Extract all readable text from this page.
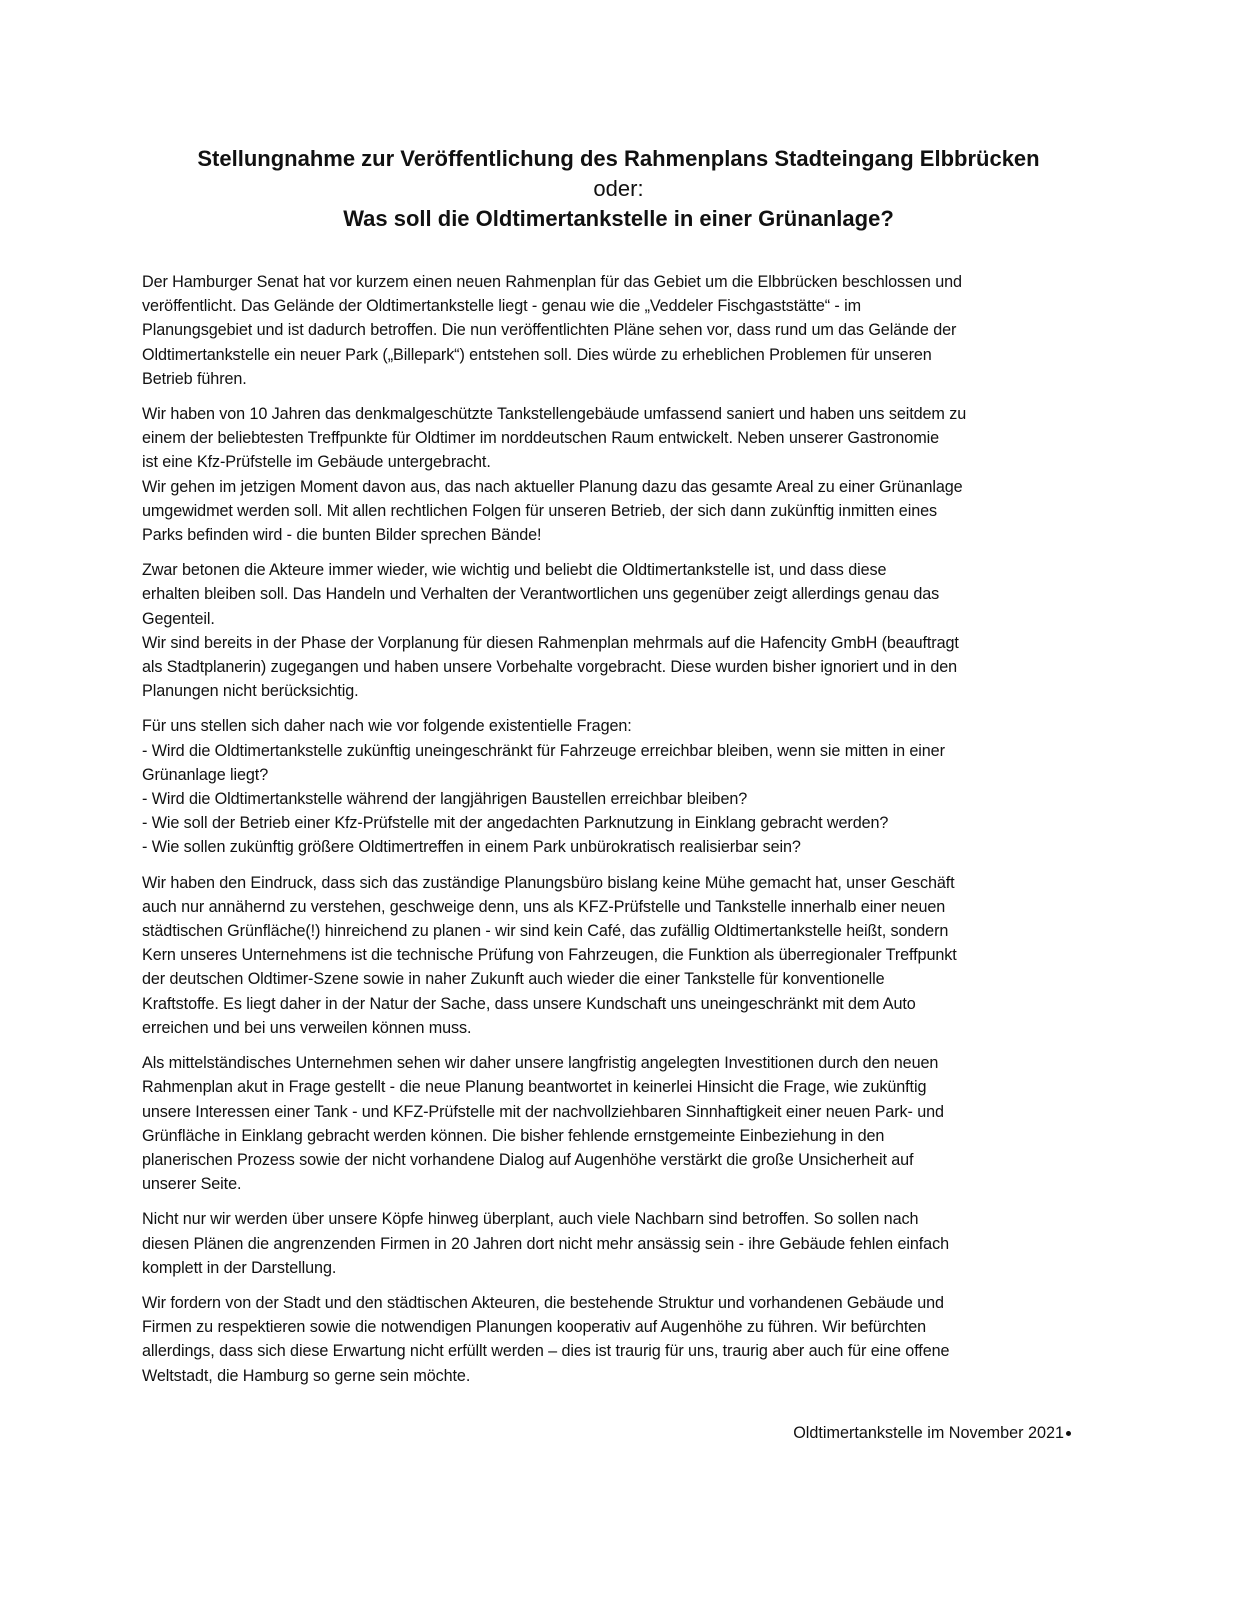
Stellungnahme zur Veröffentlichung des Rahmenplans Stadteingang Elbbrücken

oder:

Was soll die Oldtimertankstelle in einer Grünanlage?

Der Hamburger Senat hat vor kurzem einen neuen Rahmenplan für das Gebiet um die Elbbrücken beschlossen und
veröffentlicht. Das Gelände der Oldtimertankstelle liegt - genau wie die „Veddeler Fischgaststätte“ - im
Planungsgebiet und ist dadurch betroffen. Die nun veröffentlichten Pläne sehen vor, dass rund um das Gelände der
Oldtimertankstelle ein neuer Park („Billepark“) entstehen soll. Dies würde zu erheblichen Problemen für unseren
Betrieb führen.

Wir haben von 10 Jahren das denkmalgeschützte Tankstellengebäude umfassend saniert und haben uns seitdem zu
einem der beliebtesten Treffpunkte für Oldtimer im norddeutschen Raum entwickelt. Neben unserer Gastronomie
ist eine Kfz-Prüfstelle im Gebäude untergebracht.
Wir gehen im jetzigen Moment davon aus, das nach aktueller Planung dazu das gesamte Areal zu einer Grünanlage
umgewidmet werden soll. Mit allen rechtlichen Folgen für unseren Betrieb, der sich dann zukünftig inmitten eines
Parks befinden wird - die bunten Bilder sprechen Bände!

Zwar betonen die Akteure immer wieder, wie wichtig und beliebt die Oldtimertankstelle ist, und dass diese
erhalten bleiben soll. Das Handeln und Verhalten der Verantwortlichen uns gegenüber zeigt allerdings genau das
Gegenteil.
Wir sind bereits in der Phase der Vorplanung für diesen Rahmenplan mehrmals auf die Hafencity GmbH (beauftragt
als Stadtplanerin) zugegangen und haben unsere Vorbehalte vorgebracht. Diese wurden bisher ignoriert und in den
Planungen nicht berücksichtig.

Für uns stellen sich daher nach wie vor folgende existentielle Fragen:
- Wird die Oldtimertankstelle zukünftig uneingeschränkt für Fahrzeuge erreichbar bleiben, wenn sie mitten in einer
Grünanlage liegt?
- Wird die Oldtimertankstelle während der langjährigen Baustellen erreichbar bleiben?
- Wie soll der Betrieb einer Kfz-Prüfstelle mit der angedachten Parknutzung in Einklang gebracht werden?
- Wie sollen zukünftig größere Oldtimertreffen in einem Park unbürokratisch realisierbar sein?

Wir haben den Eindruck, dass sich das zuständige Planungsbüro bislang keine Mühe gemacht hat, unser Geschäft
auch nur annähernd zu verstehen, geschweige denn, uns als KFZ-Prüfstelle und Tankstelle innerhalb einer neuen
städtischen Grünfläche(!) hinreichend zu planen - wir sind kein Café, das zufällig Oldtimertankstelle heißt, sondern
Kern unseres Unternehmens ist die technische Prüfung von Fahrzeugen, die Funktion als überregionaler Treffpunkt
der deutschen Oldtimer-Szene sowie in naher Zukunft auch wieder die einer Tankstelle für konventionelle
Kraftstoffe. Es liegt daher in der Natur der Sache, dass unsere Kundschaft uns uneingeschränkt mit dem Auto
erreichen und bei uns verweilen können muss.

Als mittelständisches Unternehmen sehen wir daher unsere langfristig angelegten Investitionen durch den neuen
Rahmenplan akut in Frage gestellt - die neue Planung beantwortet in keinerlei Hinsicht die Frage, wie zukünftig
unsere Interessen einer Tank - und KFZ-Prüfstelle mit der nachvollziehbaren Sinnhaftigkeit einer neuen Park- und
Grünfläche in Einklang gebracht werden können. Die bisher fehlende ernstgemeinte Einbeziehung in den
planerischen Prozess sowie der nicht vorhandene Dialog auf Augenhöhe verstärkt die große Unsicherheit auf
unserer Seite.

Nicht nur wir werden über unsere Köpfe hinweg überplant, auch viele Nachbarn sind betroffen. So sollen nach
diesen Plänen die angrenzenden Firmen in 20 Jahren dort nicht mehr ansässig sein - ihre Gebäude fehlen einfach
komplett in der Darstellung.

Wir fordern von der Stadt und den städtischen Akteuren, die bestehende Struktur und vorhandenen Gebäude und
Firmen zu respektieren sowie die notwendigen Planungen kooperativ auf Augenhöhe zu führen. Wir befürchten
allerdings, dass sich diese Erwartung nicht erfüllt werden – dies ist traurig für uns, traurig aber auch für eine offene
Weltstadt, die Hamburg so gerne sein möchte.

Oldtimertankstelle im November 2021
